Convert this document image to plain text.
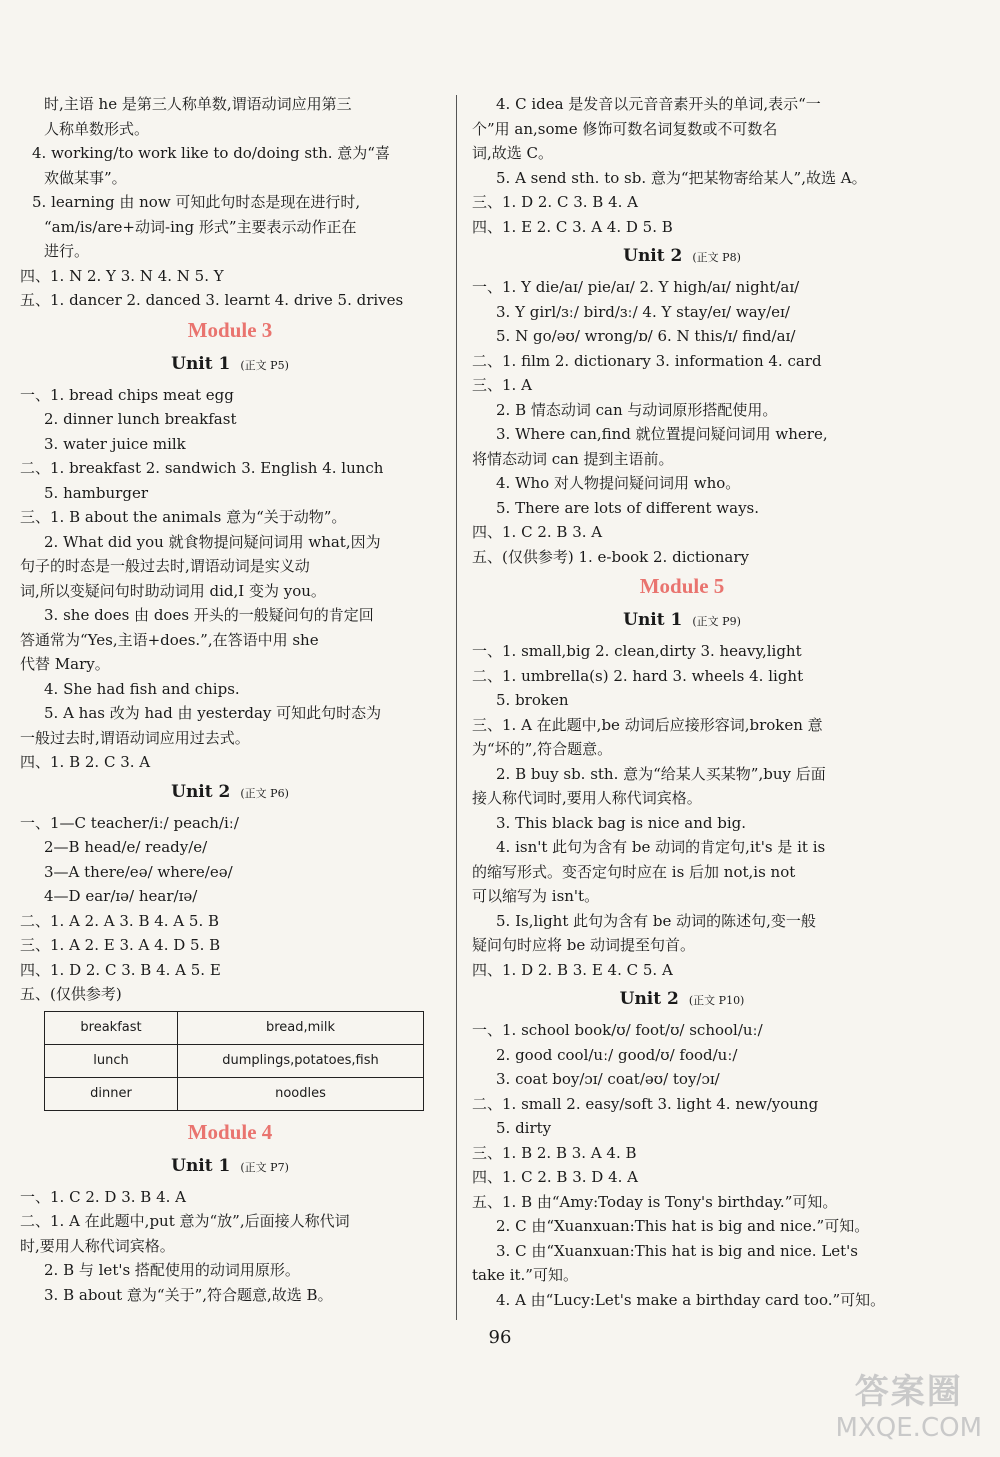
时,主语 he 是第三人称单数,谓语动词应用第三
人称单数形式。
4. working/to work like to do/doing sth. 意为“喜
欢做某事”。
5. learning 由 now 可知此句时态是现在进行时,
“am/is/are+动词-ing 形式”主要表示动作正在
进行。
四、1. N 2. Y 3. N 4. N 5. Y
五、1. dancer 2. danced 3. learnt 4. drive 5. drives
Module 3
Unit 1 (正文 P5)
一、1. bread chips meat egg
2. dinner lunch breakfast
3. water juice milk
二、1. breakfast 2. sandwich 3. English 4. lunch
5. hamburger
三、1. B about the animals 意为“关于动物”。
2. What did you 就食物提问疑问词用 what,因为
句子的时态是一般过去时,谓语动词是实义动
词,所以变疑问句时助动词用 did,I 变为 you。
3. she does 由 does 开头的一般疑问句的肯定回
答通常为“Yes,主语+does.”,在答语中用 she
代替 Mary。
4. She had fish and chips.
5. A has 改为 had 由 yesterday 可知此句时态为
一般过去时,谓语动词应用过去式。
四、1. B 2. C 3. A
Unit 2 (正文 P6)
一、1—C teacher/iː/ peach/iː/
2—B head/e/ ready/e/
3—A there/eə/ where/eə/
4—D ear/ɪə/ hear/ɪə/
二、1. A 2. A 3. B 4. A 5. B
三、1. A 2. E 3. A 4. D 5. B
四、1. D 2. C 3. B 4. A 5. E
五、(仅供参考)
breakfast	bread,milk
lunch	dumplings,potatoes,fish
dinner	noodles
Module 4
Unit 1 (正文 P7)
一、1. C 2. D 3. B 4. A
二、1. A 在此题中,put 意为“放”,后面接人称代词
时,要用人称代词宾格。
2. B 与 let's 搭配使用的动词用原形。
3. B about 意为“关于”,符合题意,故选 B。
4. C idea 是发音以元音音素开头的单词,表示“一
个”用 an,some 修饰可数名词复数或不可数名
词,故选 C。
5. A send sth. to sb. 意为“把某物寄给某人”,故选 A。
三、1. D 2. C 3. B 4. A
四、1. E 2. C 3. A 4. D 5. B
Unit 2 (正文 P8)
一、1. Y die/aɪ/ pie/aɪ/ 2. Y high/aɪ/ night/aɪ/
3. Y girl/ɜː/ bird/ɜː/ 4. Y stay/eɪ/ way/eɪ/
5. N go/əʊ/ wrong/ɒ/ 6. N this/ɪ/ find/aɪ/
二、1. film 2. dictionary 3. information 4. card
三、1. A
2. B 情态动词 can 与动词原形搭配使用。
3. Where can,find 就位置提问疑问词用 where,
将情态动词 can 提到主语前。
4. Who 对人物提问疑问词用 who。
5. There are lots of different ways.
四、1. C 2. B 3. A
五、(仅供参考) 1. e-book 2. dictionary
Module 5
Unit 1 (正文 P9)
一、1. small,big 2. clean,dirty 3. heavy,light
二、1. umbrella(s) 2. hard 3. wheels 4. light
5. broken
三、1. A 在此题中,be 动词后应接形容词,broken 意
为“坏的”,符合题意。
2. B buy sb. sth. 意为“给某人买某物”,buy 后面
接人称代词时,要用人称代词宾格。
3. This black bag is nice and big.
4. isn't 此句为含有 be 动词的肯定句,it's 是 it is
的缩写形式。变否定句时应在 is 后加 not,is not
可以缩写为 isn't。
5. Is,light 此句为含有 be 动词的陈述句,变一般
疑问句时应将 be 动词提至句首。
四、1. D 2. B 3. E 4. C 5. A
Unit 2 (正文 P10)
一、1. school book/ʊ/ foot/ʊ/ school/uː/
2. good cool/uː/ good/ʊ/ food/uː/
3. coat boy/ɔɪ/ coat/əʊ/ toy/ɔɪ/
二、1. small 2. easy/soft 3. light 4. new/young
5. dirty
三、1. B 2. B 3. A 4. B
四、1. C 2. B 3. D 4. A
五、1. B 由“Amy:Today is Tony's birthday.”可知。
2. C 由“Xuanxuan:This hat is big and nice.”可知。
3. C 由“Xuanxuan:This hat is big and nice. Let's
take it.”可知。
4. A 由“Lucy:Let's make a birthday card too.”可知。
96
答案圈
MXQE.COM
